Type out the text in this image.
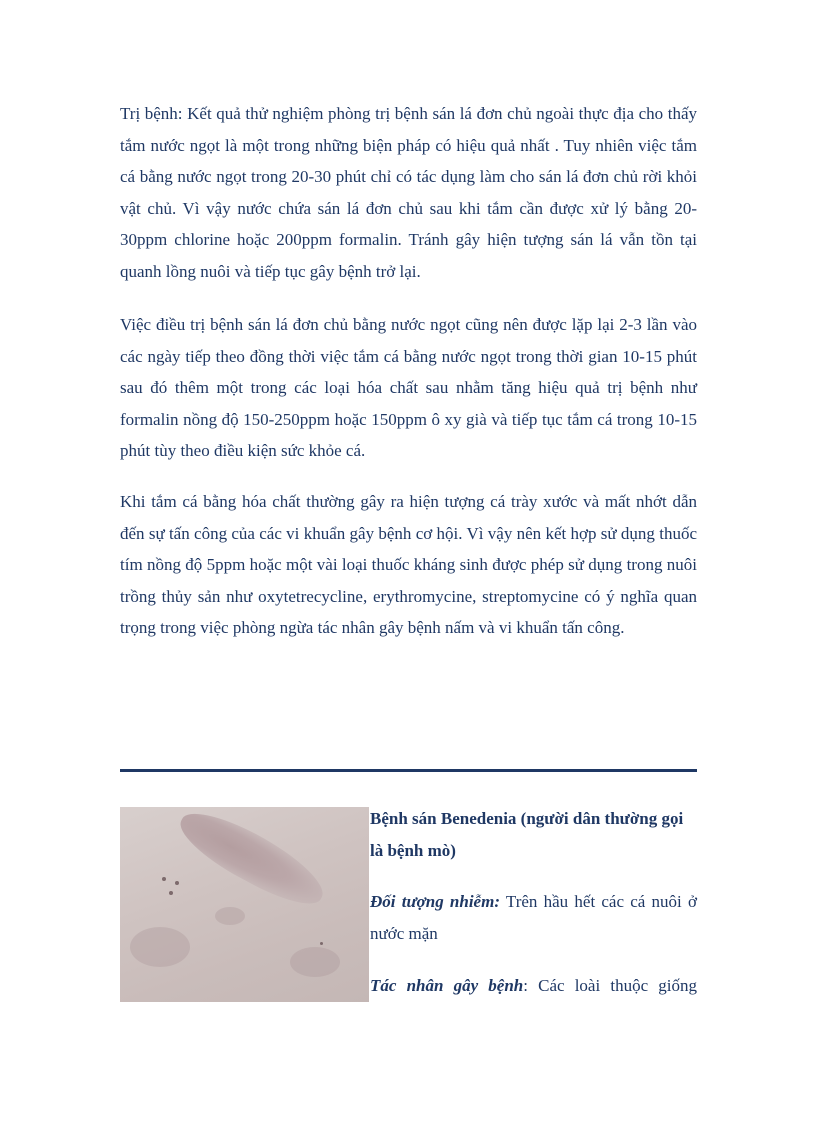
Trị bệnh: Kết quả thử nghiệm phòng trị bệnh sán lá đơn chủ ngoài thực địa cho thấy tắm nước ngọt là một trong những biện pháp có hiệu quả nhất . Tuy nhiên việc tắm cá bằng nước ngọt trong 20-30 phút chỉ có tác dụng làm cho sán lá đơn chủ rời khỏi vật chủ. Vì vậy nước chứa sán lá đơn chủ sau khi tắm cần được xử lý bằng 20-30ppm chlorine hoặc 200ppm formalin. Tránh gây hiện tượng sán lá vẫn tồn tại quanh lồng nuôi và tiếp tục gây bệnh trở lại.

Việc điều trị bệnh sán lá đơn chủ bằng nước ngọt cũng nên được lặp lại 2-3 lần vào các ngày tiếp theo đồng thời việc tắm cá bằng nước ngọt trong thời gian 10-15 phút sau đó thêm một trong các loại hóa chất sau nhằm tăng hiệu quả trị bệnh như formalin nồng độ 150-250ppm hoặc 150ppm ô xy già và tiếp tục tắm cá trong 10-15 phút tùy theo điều kiện sức khỏe cá.

Khi tắm cá bằng hóa chất thường gây ra hiện tượng cá trày xước và mất nhớt dẫn đến sự tấn công của các vi khuẩn gây bệnh cơ hội. Vì vậy nên kết hợp sử dụng thuốc tím nồng độ 5ppm hoặc một vài loại thuốc kháng sinh được phép sử dụng trong nuôi trồng thủy sản như oxytetrecycline, erythromycine, streptomycine có ý nghĩa quan trọng trong việc phòng ngừa tác nhân gây bệnh nấm và vi khuẩn tấn công.

Bệnh sán Benedenia (người dân thường gọi là bệnh mò)
Đối tượng nhiễm: Trên hầu hết các cá nuôi ở nước mặn
Tác nhân gây bệnh: Các loài thuộc giống
